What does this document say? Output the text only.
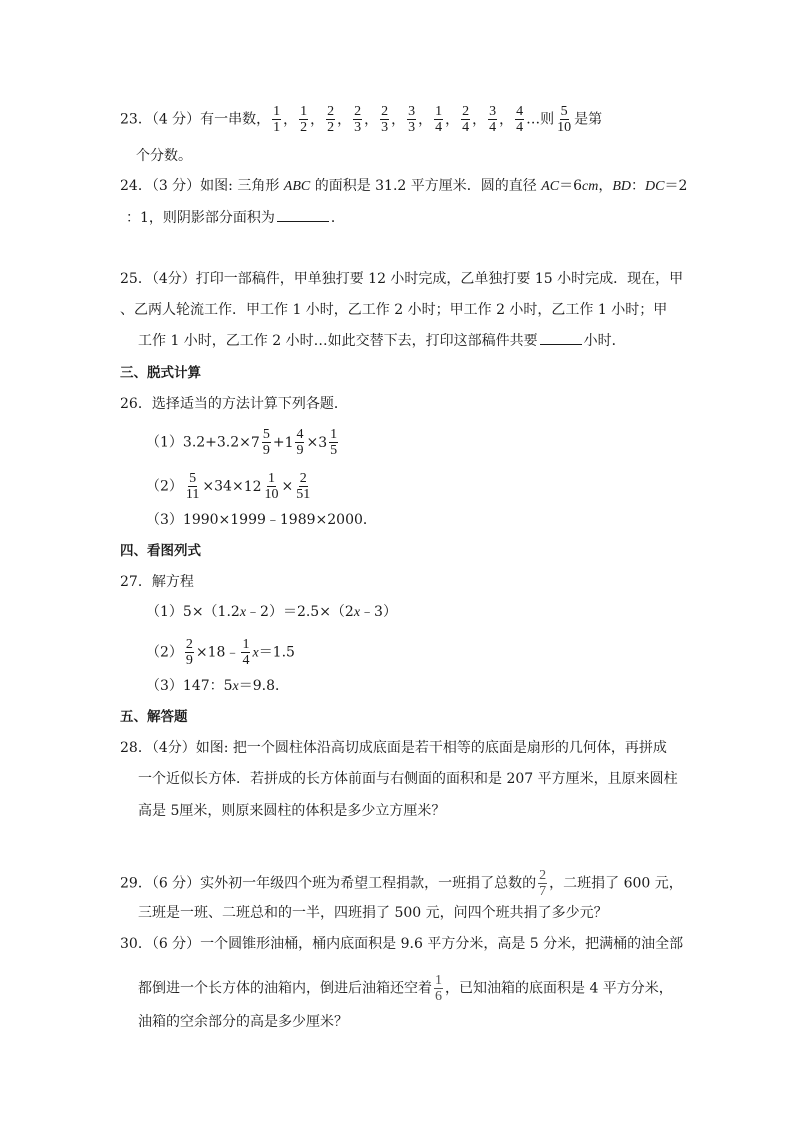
23．（4 分）有一串数， $\frac{1}{1}$ ， $\frac{1}{2}$ ， $\frac{2}{2}$ ， $\frac{2}{3}$ ， $\frac{2}{3}$ ， $\frac{3}{3}$ ， $\frac{1}{4}$ ， $\frac{2}{4}$ ， $\frac{3}{4}$ ， $\frac{4}{4}$ …则 $\frac{5}{10}$ 是第
个分数。
24．（3 分）如图: 三角形 ABC 的面积是 31.2 平方厘米．圆的直径 AC＝6cm，BD：DC＝2
：1，则阴影部分面积为	．
25．（4分）打印一部稿件，甲单独打要 12 小时完成，乙单独打要 15 小时完成．现在，甲
、乙两人轮流工作．甲工作 1 小时，乙工作 2 小时；甲工作 2 小时，乙工作 1 小时；甲
工作 1 小时，乙工作 2 小时…如此交替下去，打印这部稿件共要	小时．
三、脱式计算
26．选择适当的方法计算下列各题．
$(1)3.2+3.2\times 7 \frac{5}{9} + 1 \frac{4}{9} \times 3 \frac{1}{5}$
$(2) \frac{5}{11} \times 34\times 12 \frac{1}{10} \times \frac{2}{51}$
（3）1990×1999﹣1989×2000．
四、看图列式
27．解方程
（1）5×（1.2x﹣2）＝2.5×（2x﹣3）
$(2) \frac{2}{9}$ ×18﹣ $\frac{1}{4} x=1.5$
（3）147：5x＝9.8．
五、解答题
28．（4分）如图: 把一个圆柱体沿高切成底面是若干相等的底面是扇形的几何体，再拼成
一个近似长方体．若拼成的长方体前面与右侧面的面积和是 207 平方厘米，且原来圆柱
高是 5厘米，则原来圆柱的体积是多少立方厘米？
29．（6 分）实外初一年级四个班为希望工程捐款，一班捐了总数的 $\frac{2}{7}$ ，二班捐了 600 元，
三班是一班、二班总和的一半，四班捐了 500 元，问四个班共捐了多少元？
30．（6 分）一个圆锥形油桶，桶内底面积是 9.6 平方分米，高是 5 分米，把满桶的油全部
都倒进一个长方体的油箱内，倒进后油箱还空着 $\frac{1}{6}$ ，已知油箱的底面积是 4 平方分米，
油箱的空余部分的高是多少厘米？
